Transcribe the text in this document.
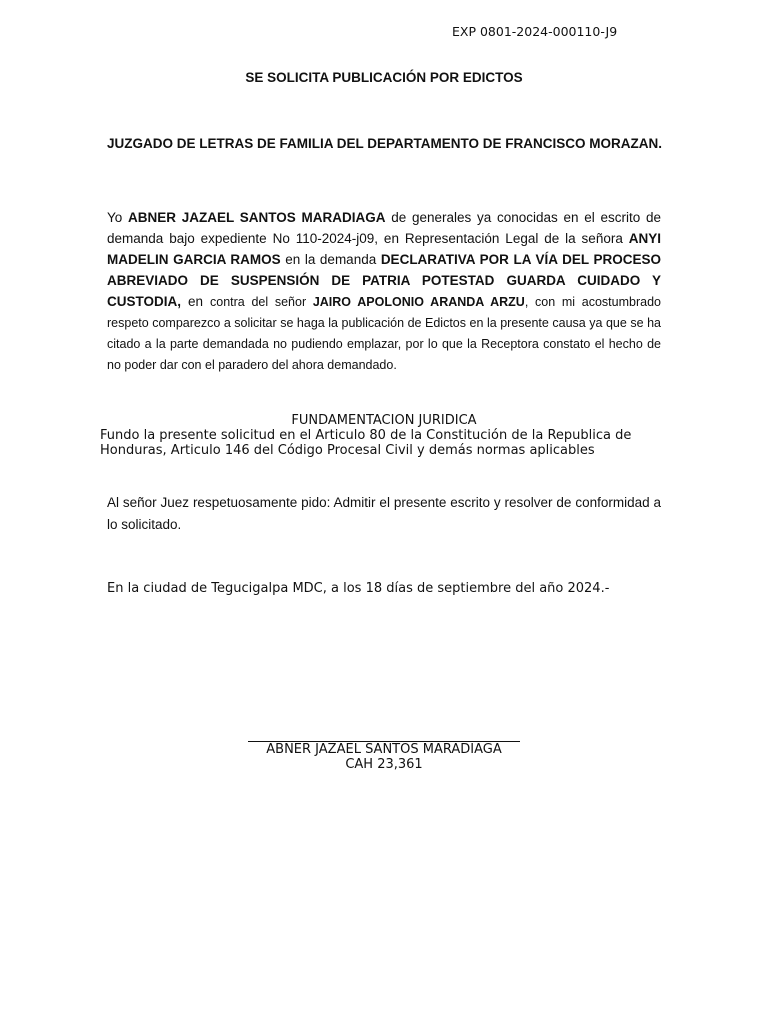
EXP 0801-2024-000110-J9
SE SOLICITA PUBLICACIÓN POR EDICTOS
JUZGADO DE LETRAS DE FAMILIA DEL DEPARTAMENTO DE FRANCISCO MORAZAN.
Yo ABNER JAZAEL SANTOS MARADIAGA de generales ya conocidas en el escrito de demanda bajo expediente No 110-2024-j09, en Representación Legal de la señora ANYI MADELIN GARCIA RAMOS en la demanda DECLARATIVA POR LA VÍA DEL PROCESO ABREVIADO DE SUSPENSIÓN DE PATRIA POTESTAD GUARDA CUIDADO Y CUSTODIA, en contra del señor JAIRO APOLONIO ARANDA ARZU, con mi acostumbrado respeto comparezco a solicitar se haga la publicación de Edictos en la presente causa ya que se ha citado a la parte demandada no pudiendo emplazar, por lo que la Receptora constato el hecho de no poder dar con el paradero del ahora demandado.
FUNDAMENTACION JURIDICA
Fundo la presente solicitud en el Articulo 80 de la Constitución de la Republica de Honduras, Articulo 146 del Código Procesal Civil y demás normas aplicables
Al señor Juez respetuosamente pido: Admitir el presente escrito y resolver de conformidad a lo solicitado.
En la ciudad de Tegucigalpa MDC, a los 18 días de septiembre del año 2024.-
ABNER JAZAEL SANTOS MARADIAGA
CAH 23,361
